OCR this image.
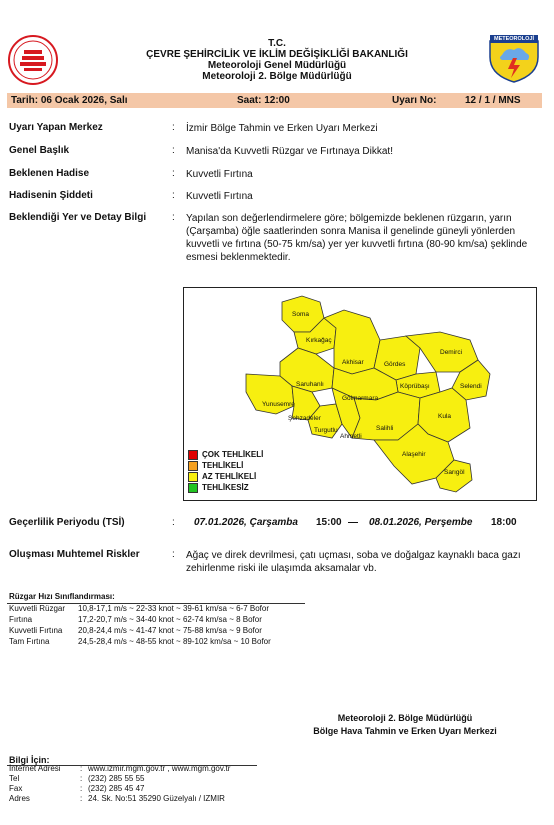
METEOROLOJİ
T.C.
ÇEVRE ŞEHİRCİLİK VE İKLİM DEĞİŞİKLİĞİ BAKANLIĞI
Meteoroloji Genel Müdürlüğü
Meteoroloji 2. Bölge Müdürlüğü
Tarih: 06 Ocak 2026, Salı	Saat: 12:00	Uyarı No:	12 / 1 / MNS
Uyarı Yapan Merkez	: İzmir Bölge Tahmin ve Erken Uyarı Merkezi
Genel Başlık	: Manisa'da Kuvvetli Rüzgar ve Fırtınaya Dikkat!
Beklenen Hadise	: Kuvvetli Fırtına
Hadisenin Şiddeti	: Kuvvetli Fırtına
Beklendiği Yer ve Detay Bilgi	: Yapılan son değerlendirmelere göre; bölgemizde beklenen rüzgarın, yarın (Çarşamba) öğle saatlerinden sonra Manisa il genelinde güneyli yönlerden kuvvetli ve fırtına (50-75 km/sa) yer yer kuvvetli fırtına (80-90 km/sa) şeklinde esmesi beklenmektedir.
Soma
Kırkağaç
Akhisar	Gördes
Demirci
Selendi
Saruhanlı	Köprübaşı
Yunusemre
Gölmarmara
Şehzadeler
Turgutlu
Ahmetli
Salihli
Kula
Alaşehir
Sarıgöl
ÇOK TEHLİKELİ
TEHLİKELİ
AZ TEHLİKELİ
TEHLİKESİZ
Geçerlilik Periyodu (TSİ)	: 07.01.2026, Çarşamba 15:00 — 08.01.2026, Perşembe 18:00
Oluşması Muhtemel Riskler	: Ağaç ve direk devrilmesi, çatı uçması, soba ve doğalgaz kaynaklı baca gazı zehirlenme riski ile ulaşımda aksamalar vb.
Rüzgar Hızı Sınıflandırması:
Kuvvetli Rüzgar 10,8-17,1 m/s ~ 22-33 knot ~ 39-61 km/sa ~ 6-7 Bofor
Fırtına	17,2-20,7 m/s ~ 34-40 knot ~ 62-74 km/sa ~ 8 Bofor
Kuvvetli Fırtına 20,8-24,4 m/s ~ 41-47 knot ~ 75-88 km/sa ~ 9 Bofor
Tam Fırtına	24,5-28,4 m/s ~ 48-55 knot ~ 89-102 km/sa ~ 10 Bofor
Meteoroloji 2. Bölge Müdürlüğü
Bölge Hava Tahmin ve Erken Uyarı Merkezi
Bilgi İçin:
İnternet Adresi : www.izmir.mgm.gov.tr , www.mgm.gov.tr
Tel	: (232) 285 55 55
Fax	: (232) 285 45 47
Adres	: 24. Sk. No:51 35290 Güzelyalı / IZMIR
